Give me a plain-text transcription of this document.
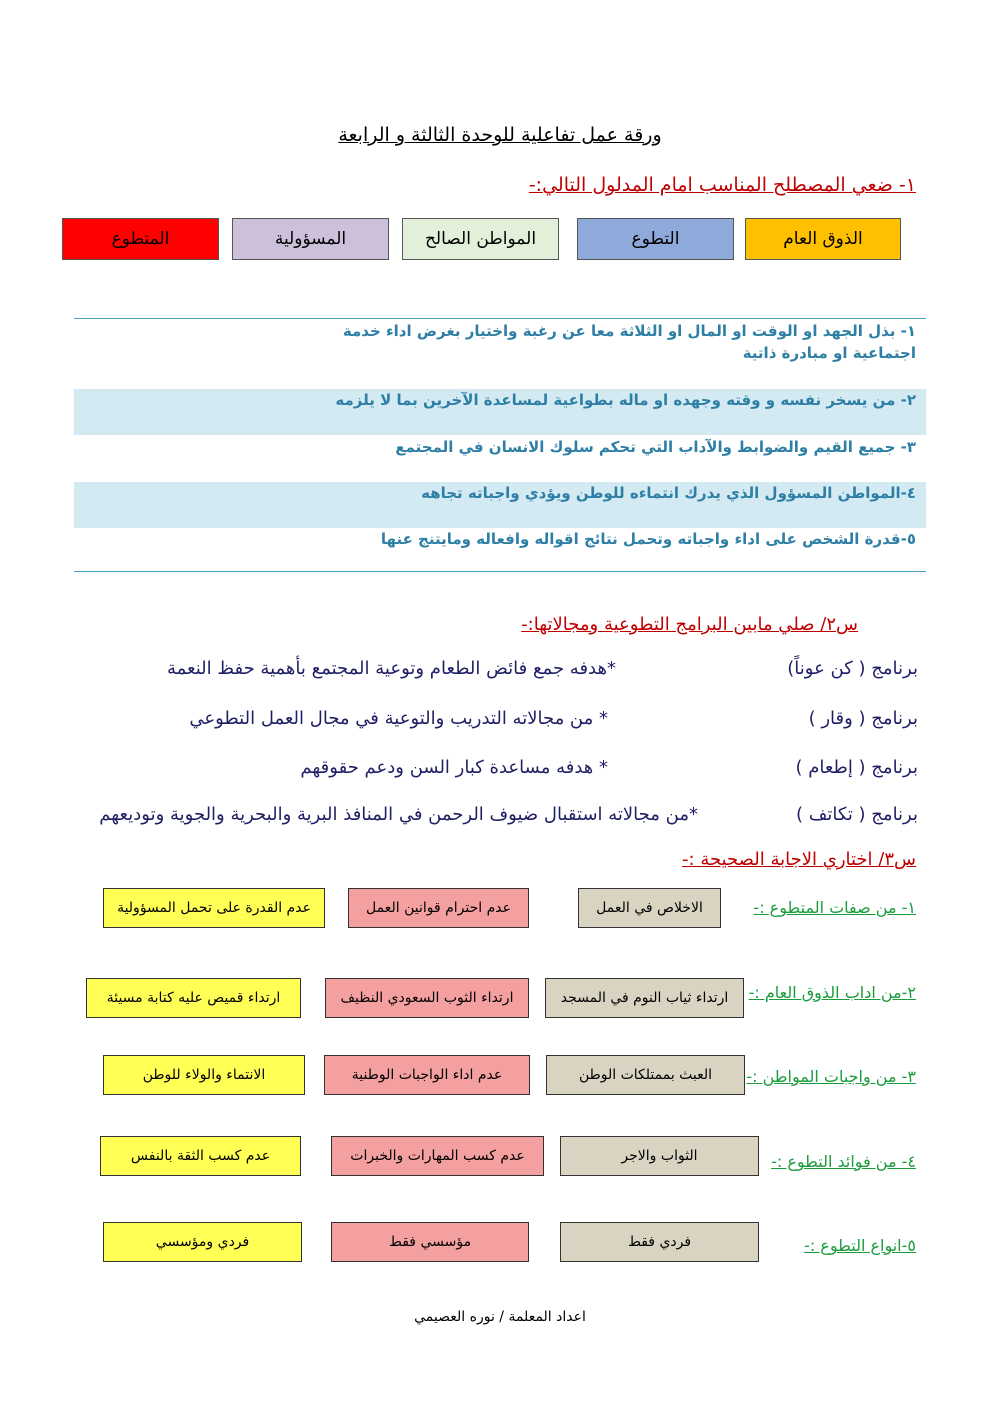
ورقة عمل تفاعلية للوحدة الثالثة و الرابعة
١- ضعي المصطلح المناسب امام المدلول التالي:-
الذوق العام
التطوع
المواطن الصالح
المسؤولية
المتطوع
١- بذل الجهد او الوقت او المال او الثلاثة معا عن رغبة واختيار بغرض اداء خدمة اجتماعية او مبادرة ذاتية
٢- من يسخر نفسه و وقته وجهده او ماله بطواعية لمساعدة الآخرين بما لا يلزمه
٣- جميع القيم والضوابط والآداب التي تحكم سلوك الانسان في المجتمع
٤-المواطن المسؤول الذي يدرك انتماءه للوطن ويؤدي واجباته تجاهه
٥-قدرة الشخص على اداء واجباته وتحمل نتائج اقواله وافعاله ومايتنج عنها
س٢/ صلي مابين البرامج التطوعية ومجالاتها:-
برنامج ( كن عوناً)
*هدفه جمع فائض الطعام وتوعية المجتمع بأهمية حفظ النعمة
برنامج ( وقار )
* من مجالاته التدريب والتوعية في مجال العمل التطوعي
برنامج ( إطعام )
* هدفه مساعدة كبار السن ودعم حقوقهم
برنامج ( تكاتف )
*من مجالاته استقبال ضيوف الرحمن في المنافذ البرية والبحرية والجوية وتوديعهم
س٣/ اختاري الاجابة الصحيحة :-
١- من صفات المتطوع :-
الاخلاص في العمل
عدم احترام قوانين العمل
عدم القدرة على تحمل المسؤولية
٢-من اداب الذوق العام :-
ارتداء ثياب النوم في المسجد
ارتداء الثوب السعودي النظيف
ارتداء قميص عليه كتابة مسيئة
٣- من واجبات المواطن :-
العبث بممتلكات الوطن
عدم اداء الواجبات الوطنية
الانتماء والولاء للوطن
٤- من فوائد التطوع :-
الثواب والاجر
عدم كسب المهارات والخبرات
عدم كسب الثقة بالنفس
٥-انواع التطوع :-
فردي فقط
مؤسسي فقط
فردي ومؤسسي
اعداد المعلمة / نوره العصيمي
